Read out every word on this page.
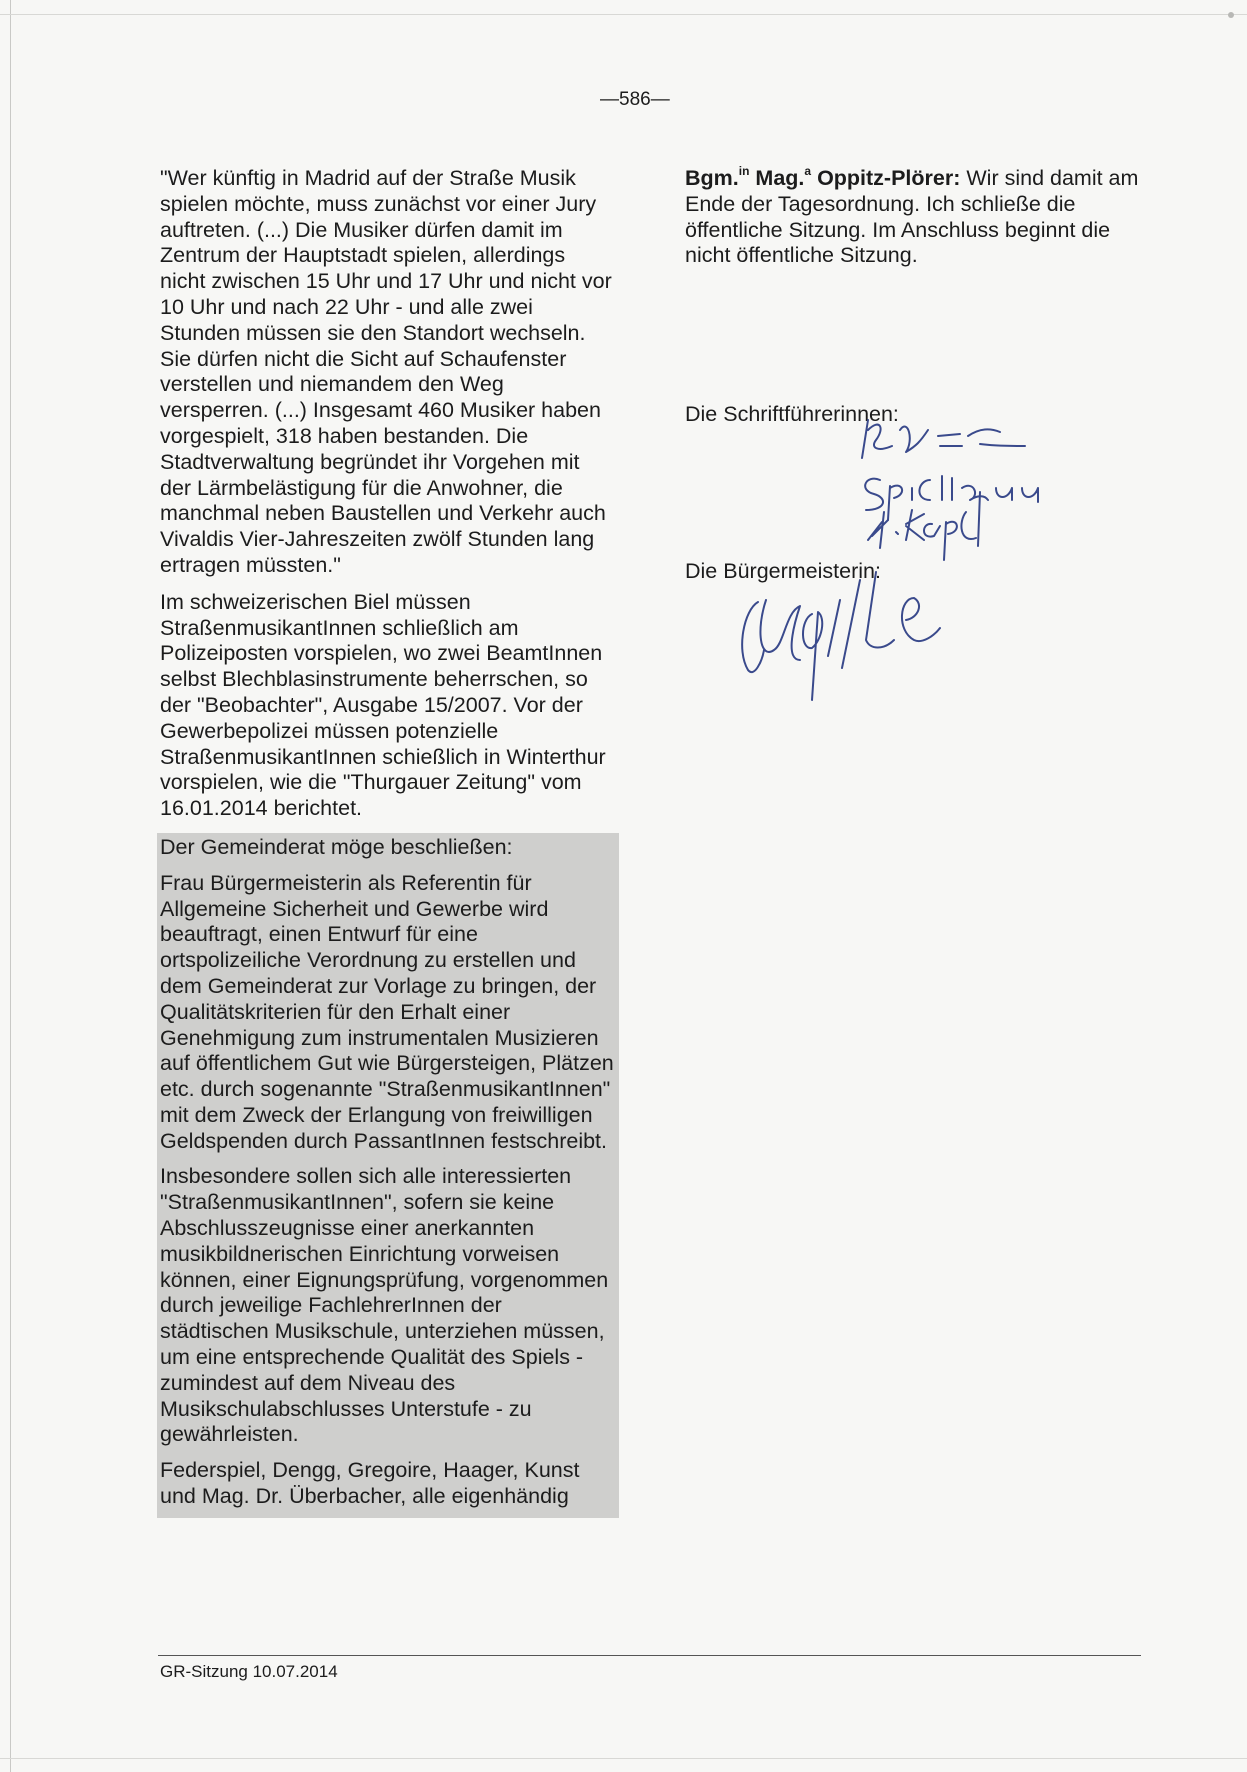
—586—

"Wer künftig in Madrid auf der Straße Musik spielen möchte, muss zunächst vor einer Jury auftreten. (...) Die Musiker dürfen damit im Zentrum der Hauptstadt spielen, allerdings nicht zwischen 15 Uhr und 17 Uhr und nicht vor 10 Uhr und nach 22 Uhr - und alle zwei Stunden müssen sie den Standort wechseln. Sie dürfen nicht die Sicht auf Schaufenster verstellen und niemandem den Weg versperren. (...) Insgesamt 460 Musiker haben vorgespielt, 318 haben bestanden. Die Stadtverwaltung begründet ihr Vorgehen mit der Lärmbelästigung für die Anwohner, die manchmal neben Baustellen und Verkehr auch Vivaldis Vier-Jahreszeiten zwölf Stunden lang ertragen müssten."

Im schweizerischen Biel müssen StraßenmusikantInnen schließlich am Polizeiposten vorspielen, wo zwei BeamtInnen selbst Blechblasinstrumente beherrschen, so der "Beobachter", Ausgabe 15/2007. Vor der Gewerbepolizei müssen potenzielle StraßenmusikantInnen schießlich in Winterthur vorspielen, wie die "Thurgauer Zeitung" vom 16.01.2014 berichtet.

Der Gemeinderat möge beschließen:

Frau Bürgermeisterin als Referentin für Allgemeine Sicherheit und Gewerbe wird beauftragt, einen Entwurf für eine ortspolizeiliche Verordnung zu erstellen und dem Gemeinderat zur Vorlage zu bringen, der Qualitätskriterien für den Erhalt einer Genehmigung zum instrumentalen Musizieren auf öffentlichem Gut wie Bürgersteigen, Plätzen etc. durch sogenannte "StraßenmusikantInnen" mit dem Zweck der Erlangung von freiwilligen Geldspenden durch PassantInnen festschreibt.

Insbesondere sollen sich alle interessierten "StraßenmusikantInnen", sofern sie keine Abschlusszeugnisse einer anerkannten musikbildnerischen Einrichtung vorweisen können, einer Eignungsprüfung, vorgenommen durch jeweilige FachlehrerInnen der städtischen Musikschule, unterziehen müssen, um eine entsprechende Qualität des Spiels - zumindest auf dem Niveau des Musikschulabschlusses Unterstufe - zu gewährleisten.

Federspiel, Dengg, Gregoire, Haager, Kunst und Mag. Dr. Überbacher, alle eigenhändig

Bgm.$^{in}$ Mag.$^a$ Oppitz-Plörer: Wir sind damit am Ende der Tagesordnung. Ich schließe die öffentliche Sitzung. Im Anschluss beginnt die nicht öffentliche Sitzung.

Die Schriftführerinnen:
Die Bürgermeisterin:
GR-Sitzung 10.07.2014
